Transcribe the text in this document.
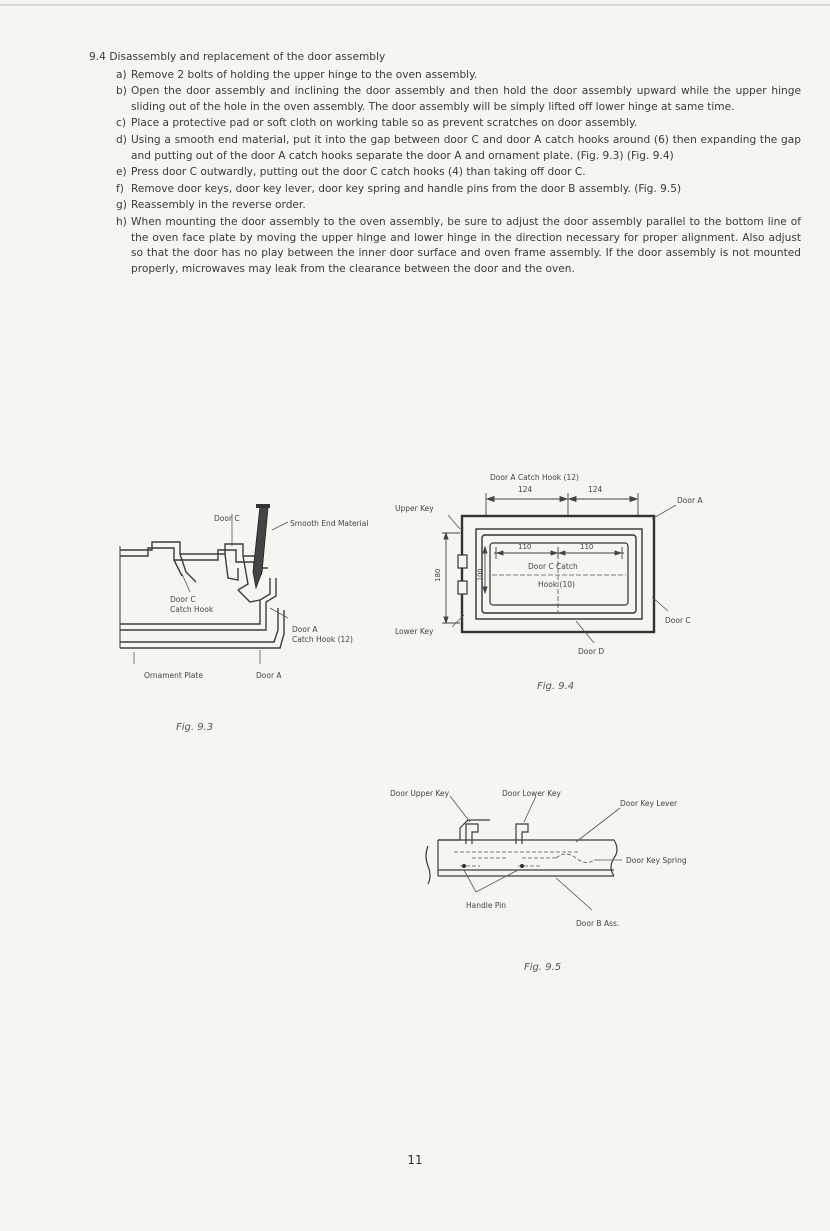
9.4 Disassembly and replacement of the door assembly
a) Remove 2 bolts of holding the upper hinge to the oven assembly.
b) Open the door assembly and inclining the door assembly and then hold the door assembly upward while the upper hinge sliding out of the hole in the oven assembly. The door assembly will be simply lifted off lower hinge at same time.
c) Place a protective pad or soft cloth on working table so as prevent scratches on door assembly.
d) Using a smooth end material, put it into the gap between door C and door A catch hooks around (6) then expanding the gap and putting out of the door A catch hooks separate the door A and ornament plate. (Fig. 9.3) (Fig. 9.4)
e) Press door C outwardly, putting out the door C catch hooks (4) than taking off door C.
f) Remove door keys, door key lever, door key spring and handle pins from the door B assembly. (Fig. 9.5)
g) Reassembly in the reverse order.
h) When mounting the door assembly to the oven assembly, be sure to adjust the door assembly parallel to the bottom line of the oven face plate by moving the upper hinge and lower hinge in the direction necessary for proper alignment. Also adjust so that the door has no play between the inner door surface and oven frame assembly. If the door assembly is not mounted properly, microwaves may leak from the clearance between the door and the oven.
Door C
Smooth End Material
Door C
Catch Hook
Door A
Catch Hook (12)
Ornament Plate	Door A
Fig. 9.3
Door A Catch Hook (12)
124	124
110	110
180	100
Door C Catch
Hook (10)
Door A
Upper Key
Lower Key
Door C
Door D
Fig. 9.4
Door Upper Key	Door Lower Key
Door Key Lever
Door Key Spring
Handle Pin
Door B Ass.
Fig. 9.5
11
